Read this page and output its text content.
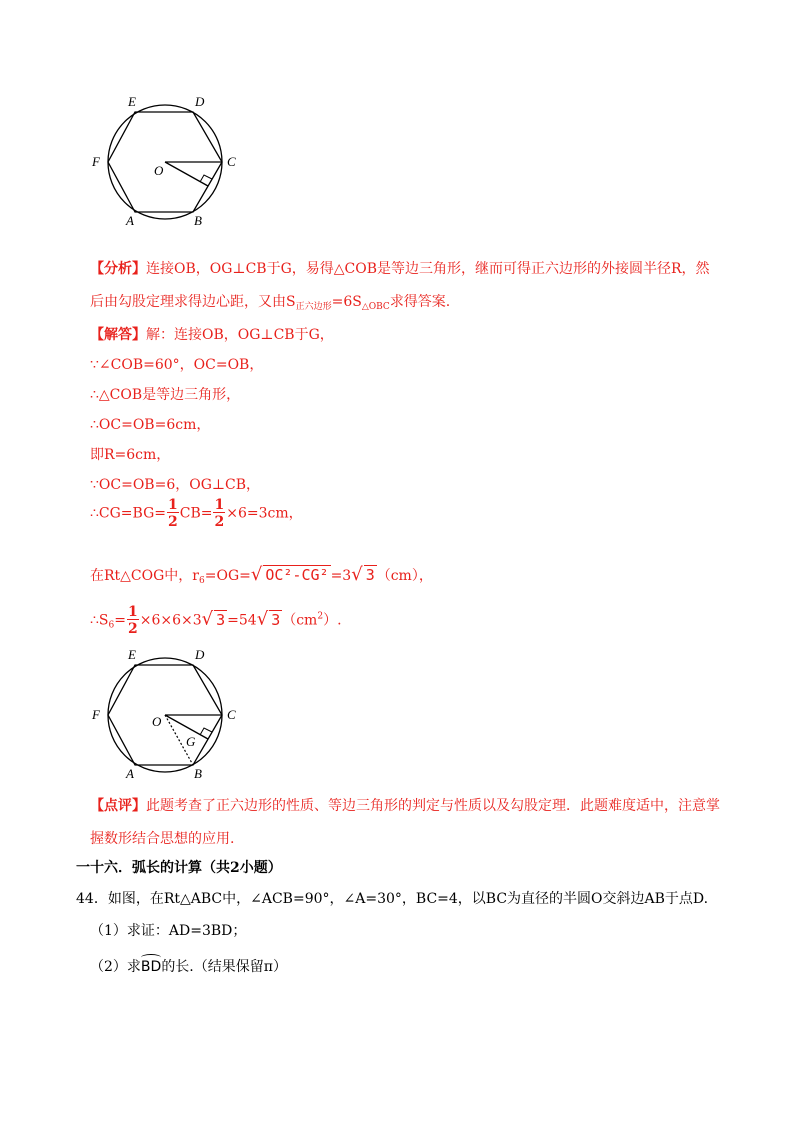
E	D
F	C
O
A	B
【分析】连接OB，OG⊥CB于G，易得△COB是等边三角形，继而可得正六边形的外接圆半径R，然
后由勾股定理求得边心距，又由$S_{正六边形}=6S_{\triangle OBC}$求得答案.
【解答】解：连接OB，OG⊥CB于G，
∵∠COB=60°，OC=OB，
∴△COB是等边三角形，
∴OC=OB=6cm，
即R=6cm，
∵OC=OB=6，OG⊥CB，
∴CG=BG= $\frac{1}{2} CB= \frac{1}{2} \times 6=3cm$，
在Rt△COG中，$r_6=OG=√$ OC²-CG² =3√ 3 （cm），
$\therefore S_6= \frac{1}{2} \times 6\times 6\times 3√$ 3 =54√ 3 $(cm^2)$.
E	D
F	C
O
G
A	B
【点评】此题考查了正六边形的性质、等边三角形的判定与性质以及勾股定理．此题难度适中，注意掌
握数形结合思想的应用.
一十六．弧长的计算（共2小题）
44．如图，在Rt△ABC中，∠ACB=90°，∠A=30°，BC=4，以BC为直径的半圆O交斜边AB于点D.
（1）求证：AD=3BD；
（2）求BD的长.（结果保留π）
